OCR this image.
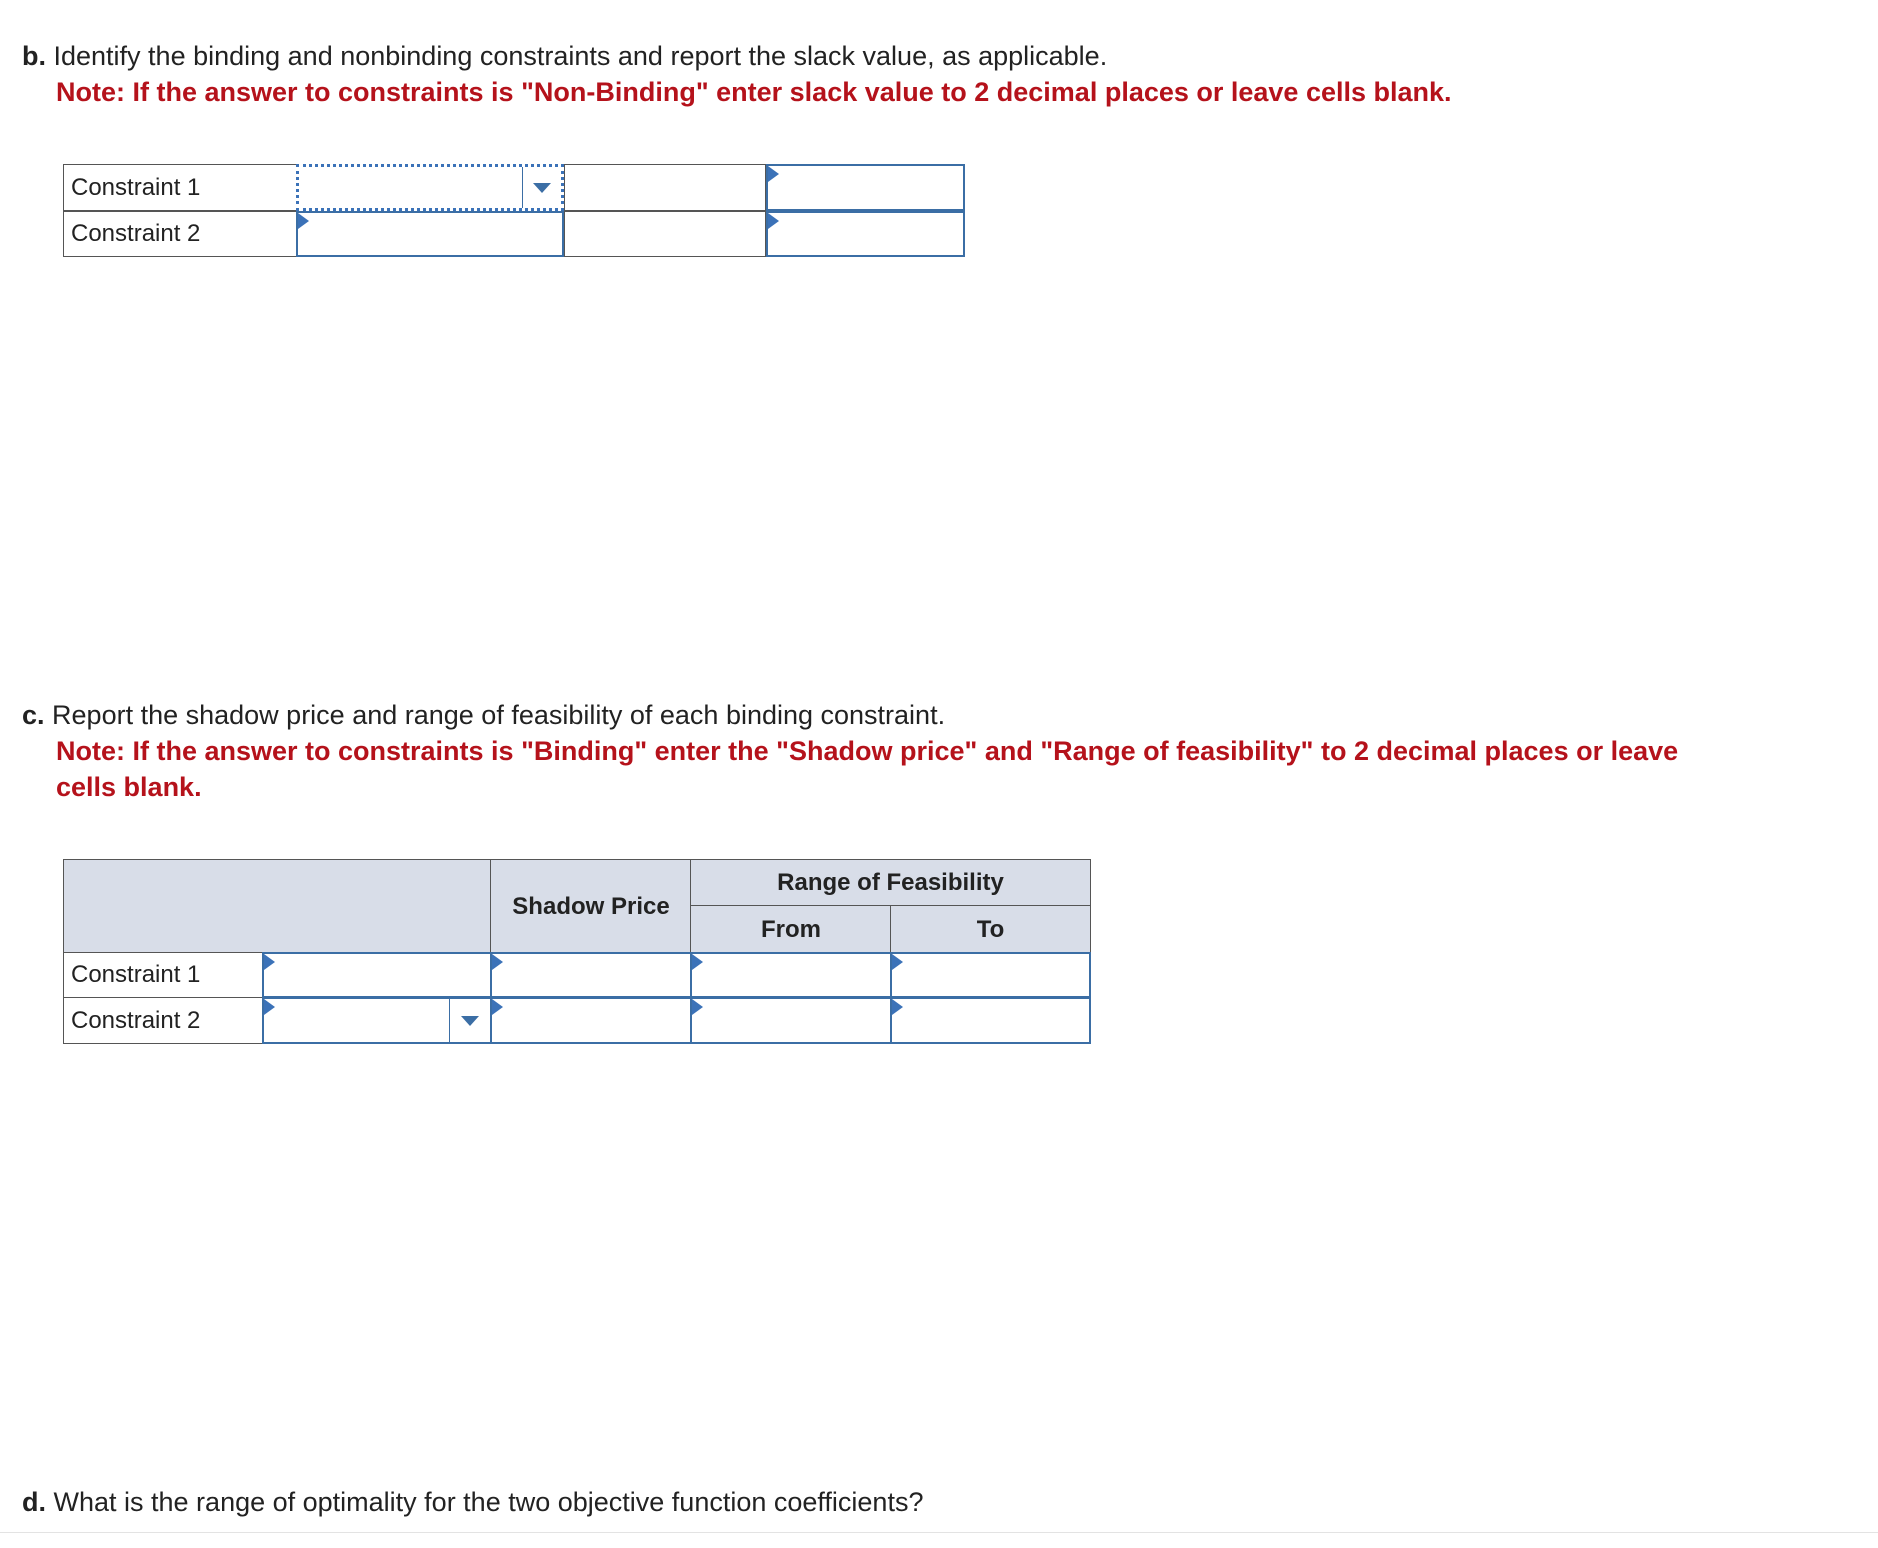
b. Identify the binding and nonbinding constraints and report the slack value, as applicable.
Note: If the answer to constraints is "Non-Binding" enter slack value to 2 decimal places or leave cells blank.
Constraint 1
Constraint 2
c. Report the shadow price and range of feasibility of each binding constraint.
Note: If the answer to constraints is "Binding" enter the "Shadow price" and "Range of feasibility" to 2 decimal places or leave
cells blank.
Shadow Price
Range of Feasibility
From	To
Constraint 1
Constraint 2
d. What is the range of optimality for the two objective function coefficients?
